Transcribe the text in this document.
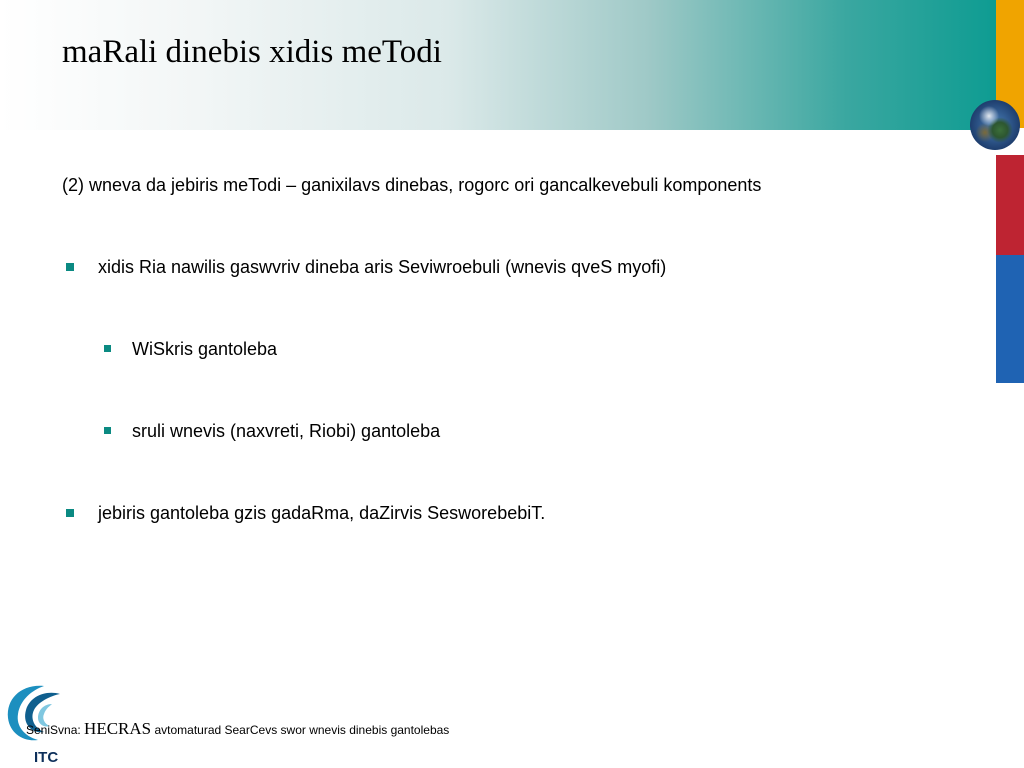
maRali dinebis xidis meTodi

(2) wneva da jebiris meTodi – ganixilavs dinebas, rogorc ori gancalkevebuli komponents

xidis Ria nawilis gaswvriv dineba aris Seviwroebuli (wnevis qveS myofi)
WiSkris gantoleba
sruli wnevis (naxvreti, Riobi) gantoleba
jebiris gantoleba gzis gadaRma, daZirvis SesworebebiT.
ITC
SeniSvna: HECRAS avtomaturad SearCevs swor wnevis dinebis gantolebas
